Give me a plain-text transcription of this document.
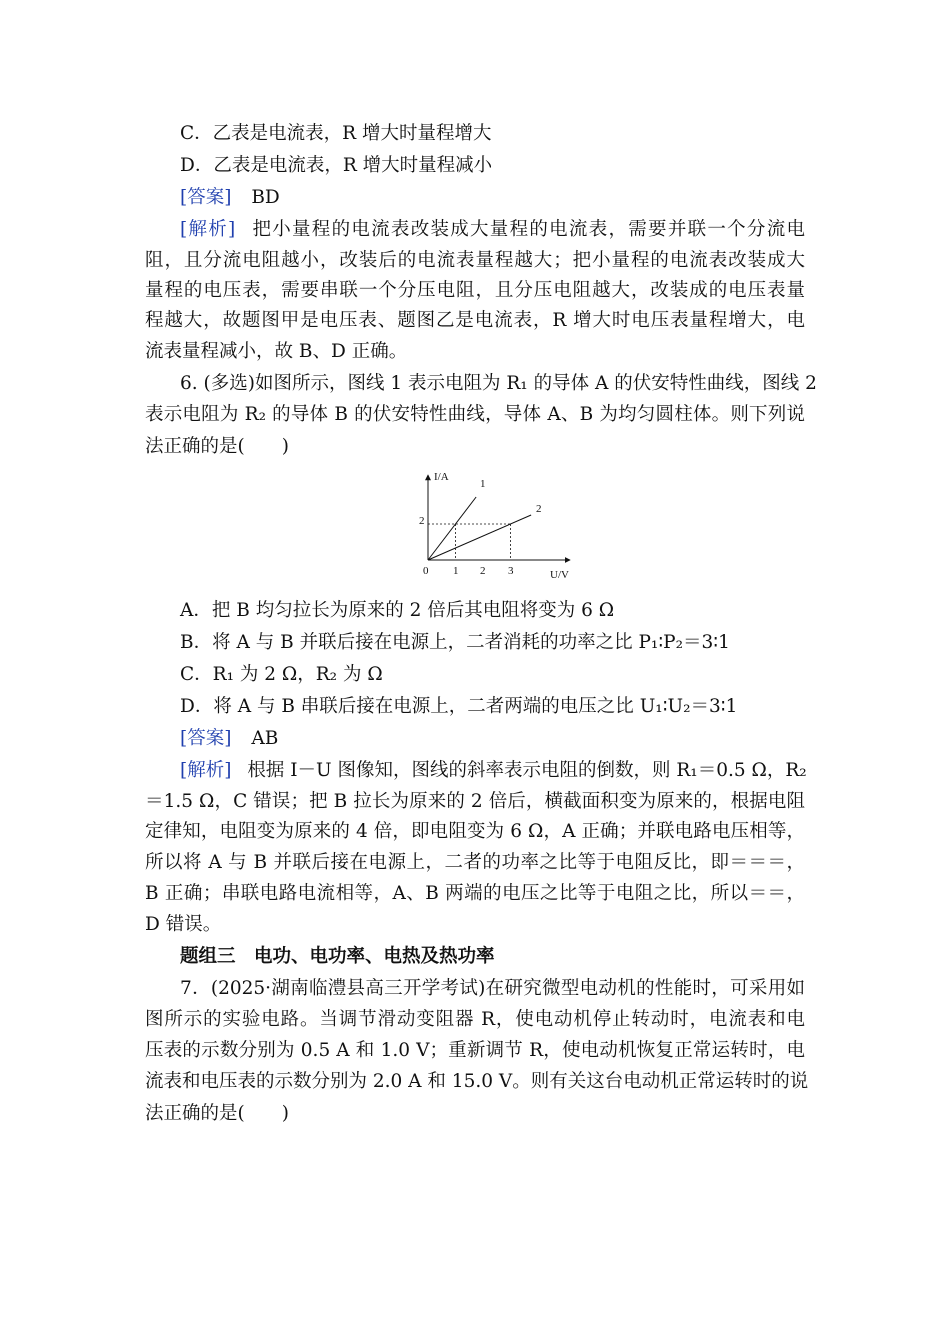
C．乙表是电流表，R 增大时量程增大
D．乙表是电流表，R 增大时量程减小
[答案] BD
[解析] 把小量程的电流表改装成大量程的电流表，需要并联一个分流电
阻，且分流电阻越小，改装后的电流表量程越大；把小量程的电流表改装成大
量程的电压表，需要串联一个分压电阻，且分压电阻越大，改装成的电压表量
程越大，故题图甲是电压表、题图乙是电流表，R 增大时电压表量程增大，电
流表量程减小，故 B、D 正确。
6. (多选)如图所示，图线 1 表示电阻为 R₁ 的导体 A 的伏安特性曲线，图线 2
表示电阻为 R₂ 的导体 B 的伏安特性曲线，导体 A、B 为均匀圆柱体。则下列说
法正确的是(　　)
I/A
U/V
0 1 2 3
2
1
2
A．把 B 均匀拉长为原来的 2 倍后其电阻将变为 6 Ω
B．将 A 与 B 并联后接在电源上，二者消耗的功率之比 P₁∶P₂＝3∶1
C．R₁ 为 2 Ω，R₂ 为 Ω
D．将 A 与 B 串联后接在电源上，二者两端的电压之比 U₁∶U₂＝3∶1
[答案] AB
[解析] 根据 I－U 图像知，图线的斜率表示电阻的倒数，则 R₁＝0.5 Ω，R₂
＝1.5 Ω，C 错误；把 B 拉长为原来的 2 倍后，横截面积变为原来的，根据电阻
定律知，电阻变为原来的 4 倍，即电阻变为 6 Ω，A 正确；并联电路电压相等，
所以将 A 与 B 并联后接在电源上，二者的功率之比等于电阻反比，即＝＝＝，
B 正确；串联电路电流相等，A、B 两端的电压之比等于电阻之比，所以＝＝，
D 错误。
题组三　电功、电功率、电热及热功率
7．(2025·湖南临澧县高三开学考试)在研究微型电动机的性能时，可采用如
图所示的实验电路。当调节滑动变阻器 R，使电动机停止转动时，电流表和电
压表的示数分别为 0.5 A 和 1.0 V；重新调节 R，使电动机恢复正常运转时，电
流表和电压表的示数分别为 2.0 A 和 15.0 V。则有关这台电动机正常运转时的说
法正确的是(　　)
